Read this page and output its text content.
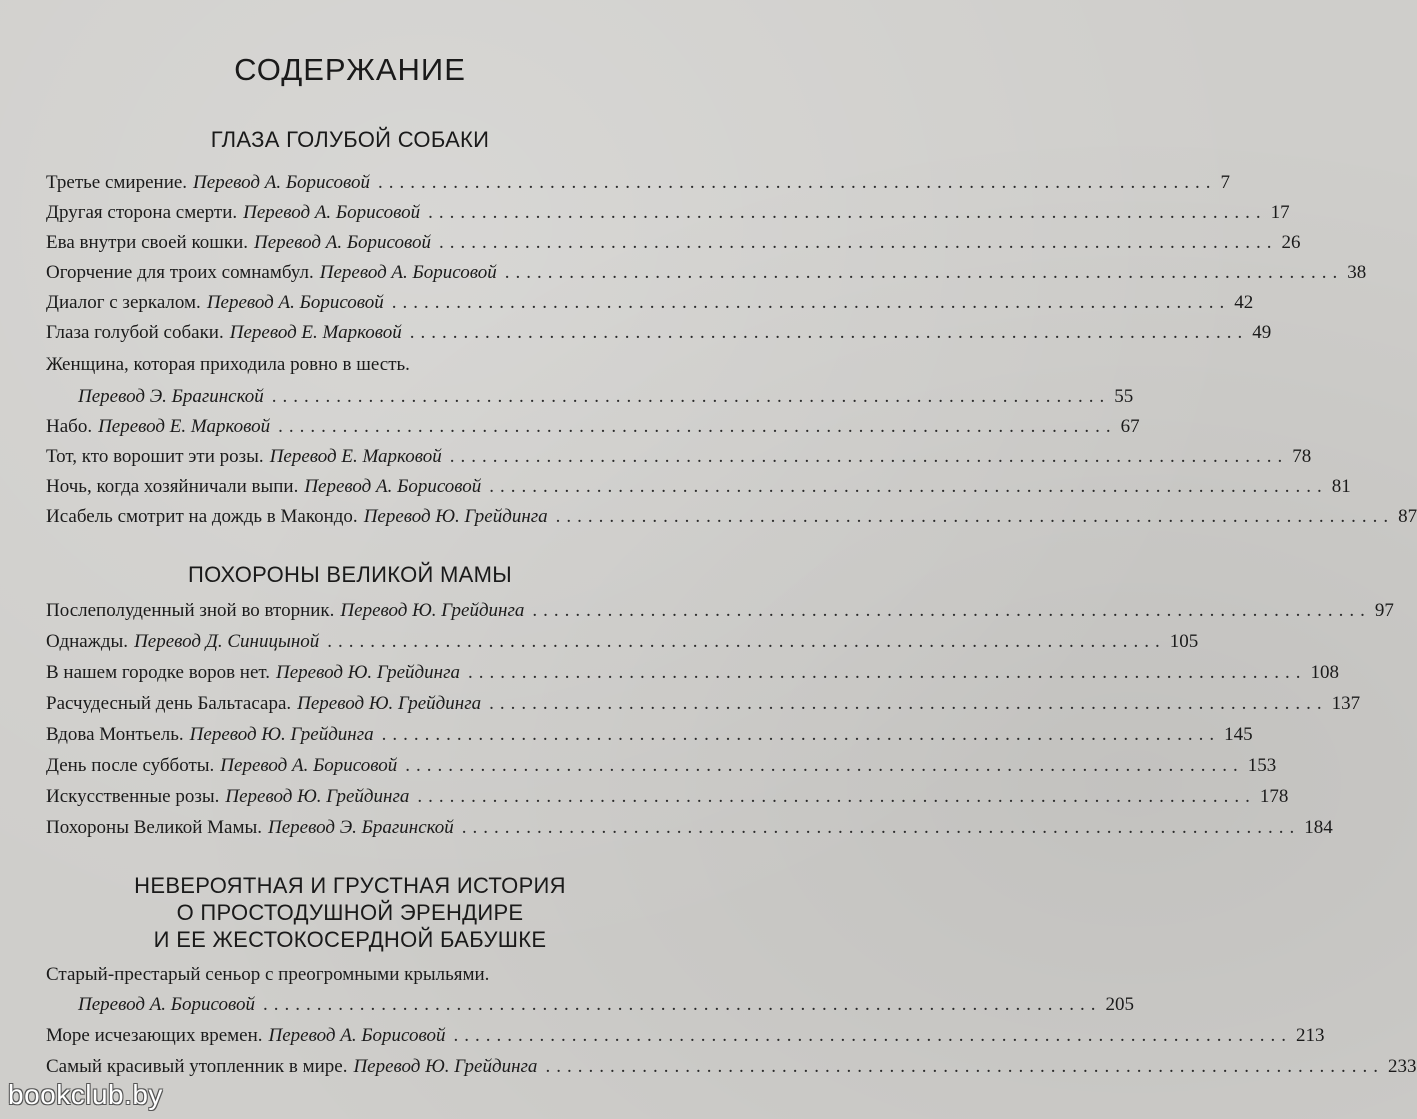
СОДЕРЖАНИЕ
ГЛАЗА ГОЛУБОЙ СОБАКИ
Третье смирение. Перевод А. Борисовой .............................................................................. 7
Другая сторона смерти. Перевод А. Борисовой .............................................................................. 17
Ева внутри своей кошки. Перевод А. Борисовой .............................................................................. 26
Огорчение для троих сомнамбул. Перевод А. Борисовой .............................................................................. 38
Диалог с зеркалом. Перевод А. Борисовой .............................................................................. 42
Глаза голубой собаки. Перевод Е. Марковой .............................................................................. 49
Женщина, которая приходила ровно в шесть.
Перевод Э. Брагинской .............................................................................. 55
Набо. Перевод Е. Марковой .............................................................................. 67
Тот, кто ворошит эти розы. Перевод Е. Марковой .............................................................................. 78
Ночь, когда хозяйничали выпи. Перевод А. Борисовой .............................................................................. 81
Исабель смотрит на дождь в Макондо. Перевод Ю. Грейдинга .............................................................................. 87
ПОХОРОНЫ ВЕЛИКОЙ МАМЫ
Послеполуденный зной во вторник. Перевод Ю. Грейдинга .............................................................................. 97
Однажды. Перевод Д. Синицыной .............................................................................. 105
В нашем городке воров нет. Перевод Ю. Грейдинга .............................................................................. 108
Расчудесный день Бальтасара. Перевод Ю. Грейдинга .............................................................................. 137
Вдова Монтьель. Перевод Ю. Грейдинга .............................................................................. 145
День после субботы. Перевод А. Борисовой .............................................................................. 153
Искусственные розы. Перевод Ю. Грейдинга .............................................................................. 178
Похороны Великой Мамы. Перевод Э. Брагинской .............................................................................. 184
НЕВЕРОЯТНАЯ И ГРУСТНАЯ ИСТОРИЯ
О ПРОСТОДУШНОЙ ЭРЕНДИРЕ
И ЕЕ ЖЕСТОКОСЕРДНОЙ БАБУШКЕ
Старый-престарый сеньор с преогромными крыльями.
Перевод А. Борисовой .............................................................................. 205
Море исчезающих времен. Перевод А. Борисовой .............................................................................. 213
Самый красивый утопленник в мире. Перевод Ю. Грейдинга .............................................................................. 233
bookclub.by
